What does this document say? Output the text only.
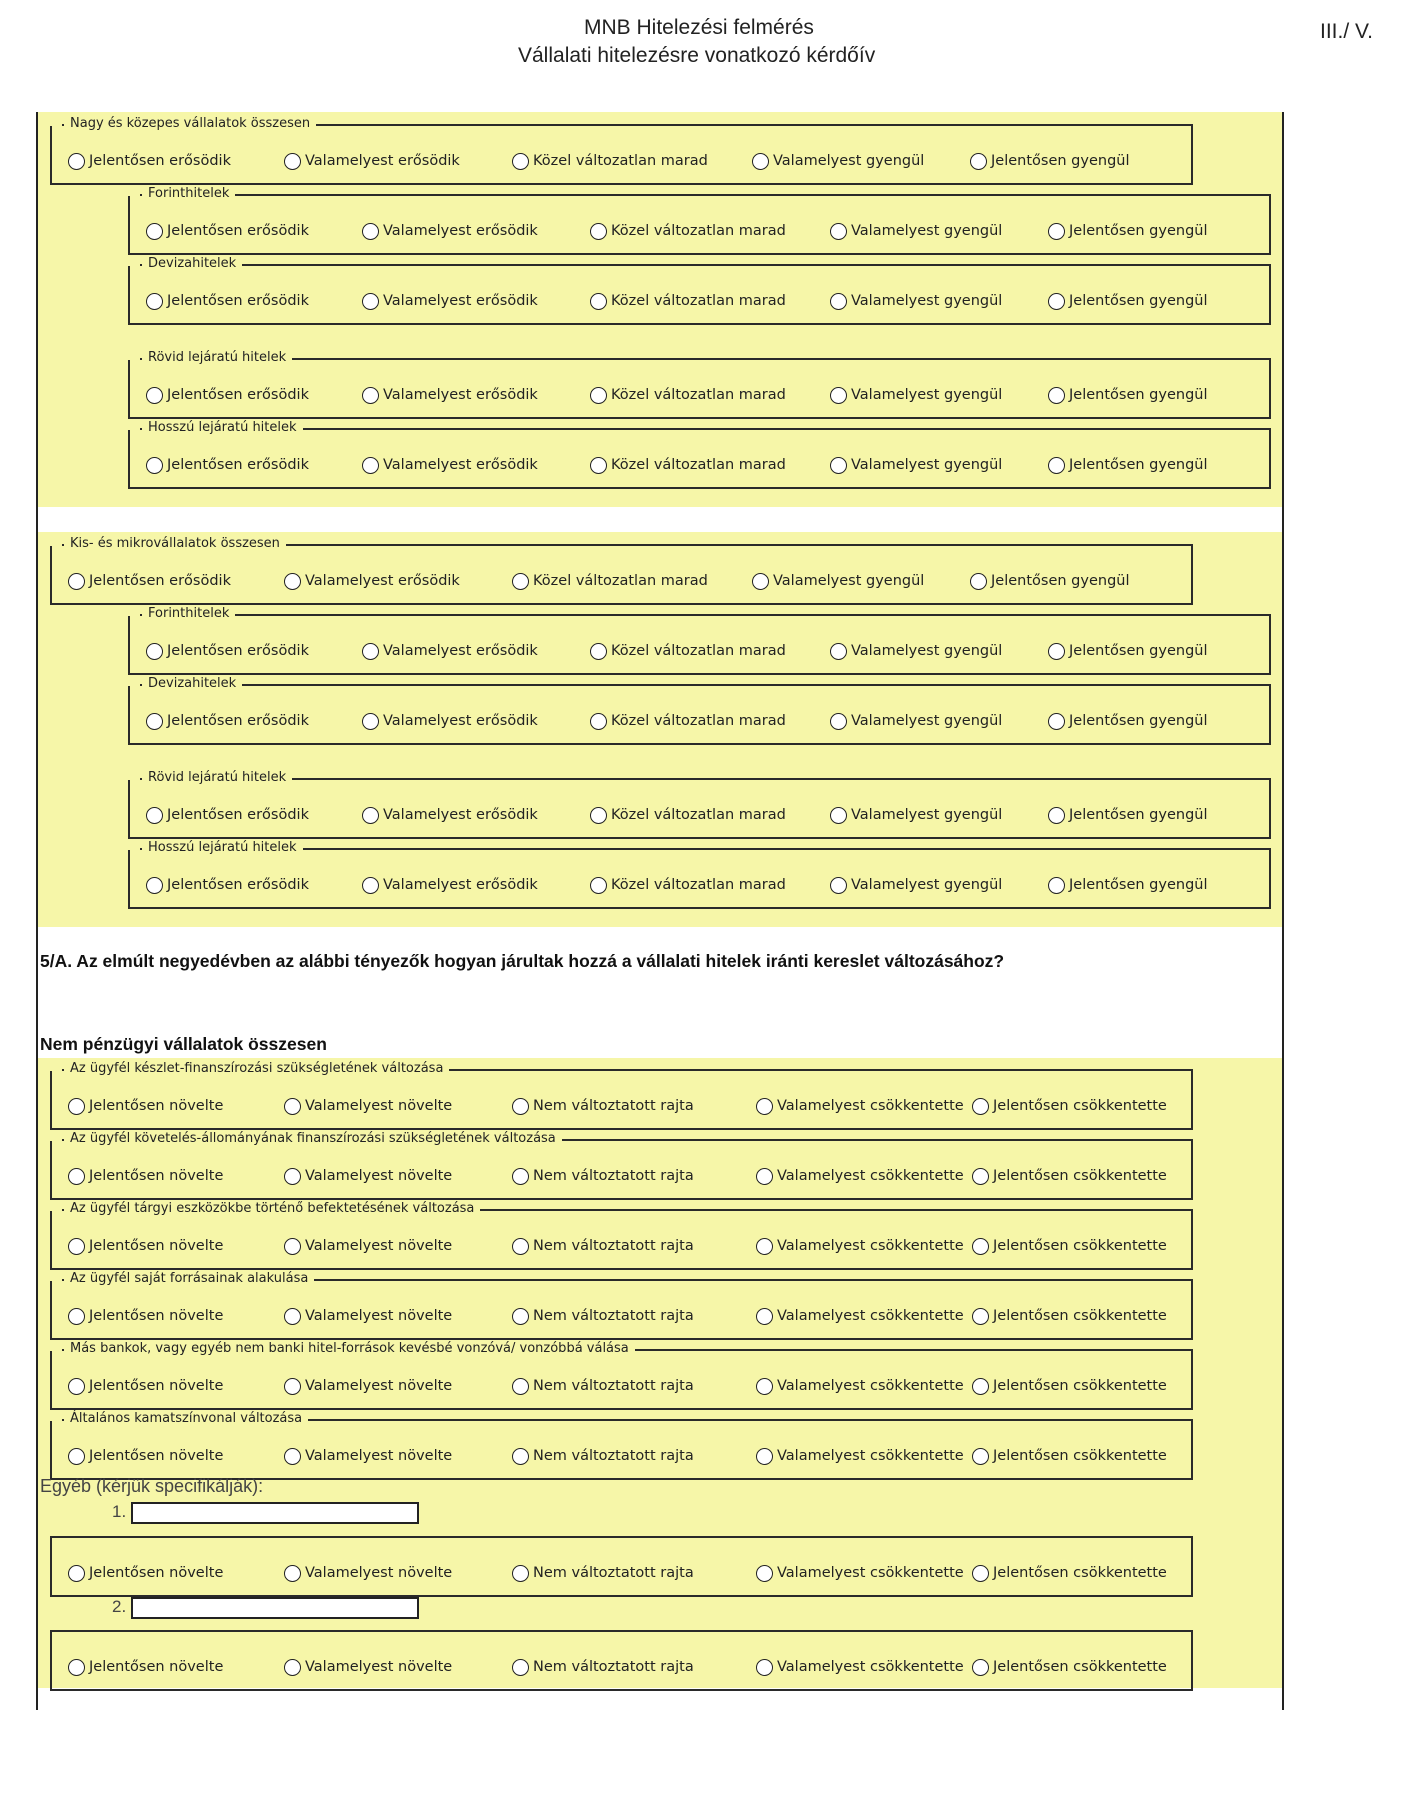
MNB Hitelezési felmérés
Vállalati hitelezésre vonatkozó kérdőív
III./ V.
Nagy és közepes vállalatok összesen
Jelentősen erősödik	Valamelyest erősödik	Közel változatlan marad	Valamelyest gyengül	Jelentősen gyengül
Forinthitelek
Jelentősen erősödik	Valamelyest erősödik	Közel változatlan marad	Valamelyest gyengül	Jelentősen gyengül
Devizahitelek
Jelentősen erősödik	Valamelyest erősödik	Közel változatlan marad	Valamelyest gyengül	Jelentősen gyengül
Rövid lejáratú hitelek
Jelentősen erősödik	Valamelyest erősödik	Közel változatlan marad	Valamelyest gyengül	Jelentősen gyengül
Hosszú lejáratú hitelek
Jelentősen erősödik	Valamelyest erősödik	Közel változatlan marad	Valamelyest gyengül	Jelentősen gyengül
Kis- és mikrovállalatok összesen
Jelentősen erősödik	Valamelyest erősödik	Közel változatlan marad	Valamelyest gyengül	Jelentősen gyengül
Forinthitelek
Jelentősen erősödik	Valamelyest erősödik	Közel változatlan marad	Valamelyest gyengül	Jelentősen gyengül
Devizahitelek
Jelentősen erősödik	Valamelyest erősödik	Közel változatlan marad	Valamelyest gyengül	Jelentősen gyengül
Rövid lejáratú hitelek
Jelentősen erősödik	Valamelyest erősödik	Közel változatlan marad	Valamelyest gyengül	Jelentősen gyengül
Hosszú lejáratú hitelek
Jelentősen erősödik	Valamelyest erősödik	Közel változatlan marad	Valamelyest gyengül	Jelentősen gyengül
5/A. Az elmúlt negyedévben az alábbi tényezők hogyan járultak hozzá a vállalati hitelek iránti kereslet változásához?
Nem pénzügyi vállalatok összesen
Az ügyfél készlet-finanszírozási szükségletének változása
Jelentősen növelte	Valamelyest növelte	Nem változtatott rajta	Valamelyest csökkentette Jelentősen csökkentette
Az ügyfél követelés-állományának finanszírozási szükségletének változása
Jelentősen növelte	Valamelyest növelte	Nem változtatott rajta	Valamelyest csökkentette Jelentősen csökkentette
Az ügyfél tárgyi eszközökbe történő befektetésének változása
Jelentősen növelte	Valamelyest növelte	Nem változtatott rajta	Valamelyest csökkentette Jelentősen csökkentette
Az ügyfél saját forrásainak alakulása
Jelentősen növelte	Valamelyest növelte	Nem változtatott rajta	Valamelyest csökkentette Jelentősen csökkentette
Más bankok, vagy egyéb nem banki hitel-források kevésbé vonzóvá/ vonzóbbá válása
Jelentősen növelte	Valamelyest növelte	Nem változtatott rajta	Valamelyest csökkentette Jelentősen csökkentette
Általános kamatszínvonal változása
Jelentősen növelte	Valamelyest növelte	Nem változtatott rajta	Valamelyest csökkentette Jelentősen csökkentette
Egyéb (kérjük specifikálják):
1.
Jelentősen növelte	Valamelyest növelte	Nem változtatott rajta	Valamelyest csökkentette Jelentősen csökkentette
2.
Jelentősen növelte	Valamelyest növelte	Nem változtatott rajta	Valamelyest csökkentette Jelentősen csökkentette
